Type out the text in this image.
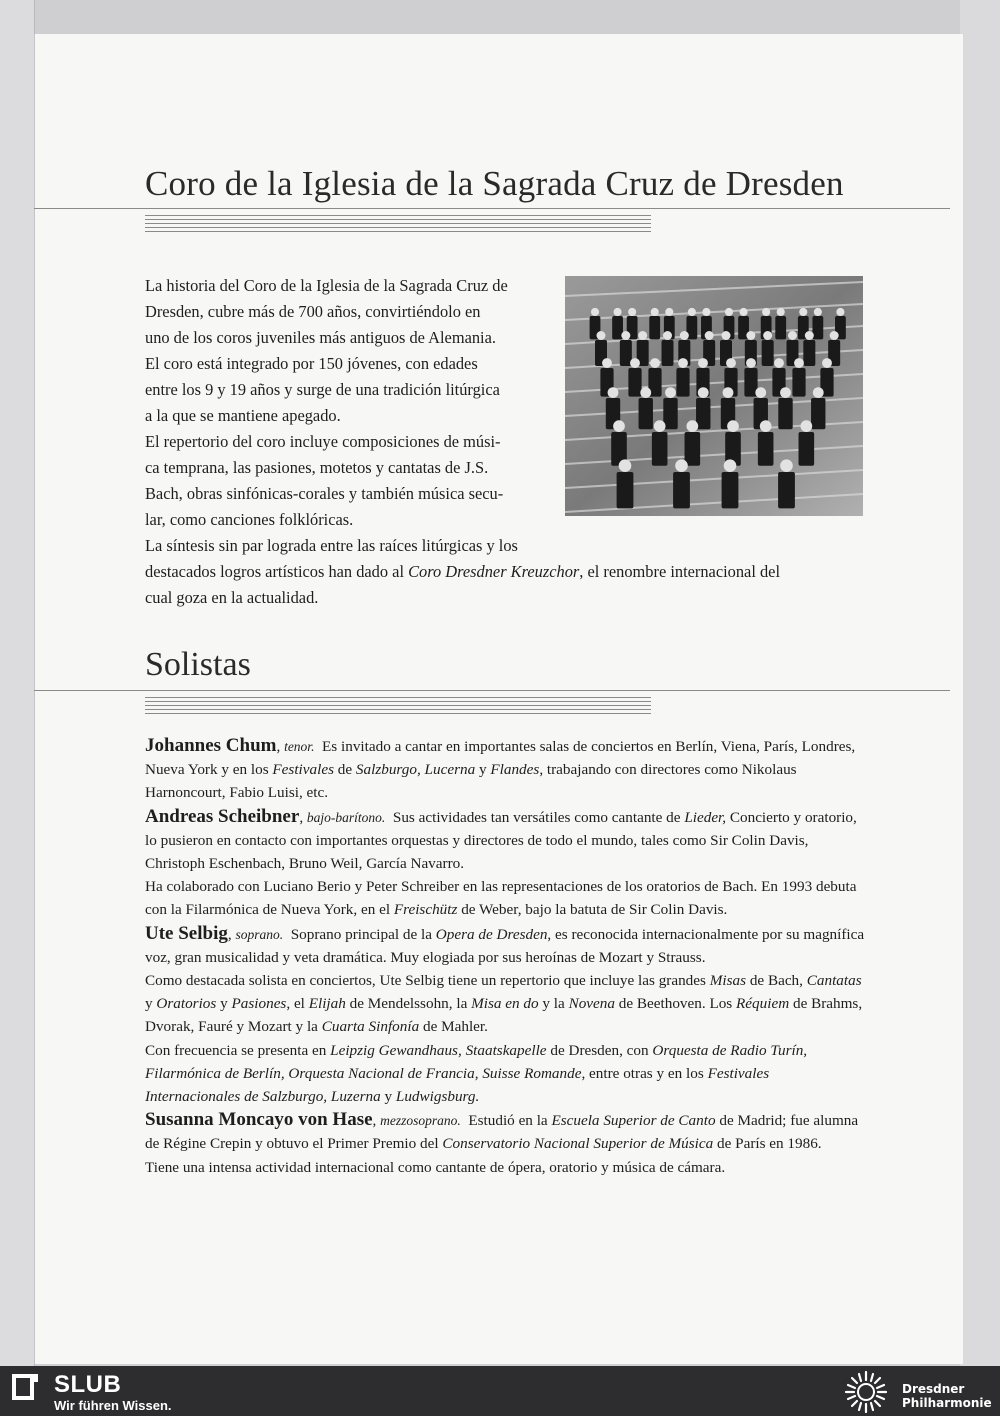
Coro de la Iglesia de la Sagrada Cruz de Dresden
La historia del Coro de la Iglesia de la Sagrada Cruz de
Dresden, cubre más de 700 años, convirtiéndolo en
uno de los coros juveniles más antiguos de Alemania.
El coro está integrado por 150 jóvenes, con edades
entre los 9 y 19 años y surge de una tradición litúrgica
a la que se mantiene apegado.
El repertorio del coro incluye composiciones de músi-
ca temprana, las pasiones, motetos y cantatas de J.S.
Bach, obras sinfónicas-corales y también música secu-
lar, como canciones folklóricas.
La síntesis sin par lograda entre las raíces litúrgicas y los
destacados logros artísticos han dado al Coro Dresdner Kreuzchor, el renombre internacional del
cual goza en la actualidad.
Solistas

Johannes Chum, tenor. Es invitado a cantar en importantes salas de conciertos en Berlín, Viena, París, Londres, Nueva York y en los Festivales de Salzburgo, Lucerna y Flandes, trabajando con directores como Nikolaus Harnoncourt, Fabio Luisi, etc.

Andreas Scheibner, bajo-barítono. Sus actividades tan versátiles como cantante de Lieder, Concierto y oratorio, lo pusieron en contacto con importantes orquestas y directores de todo el mundo, tales como Sir Colin Davis, Christoph Eschenbach, Bruno Weil, García Navarro.

Ha colaborado con Luciano Berio y Peter Schreiber en las representaciones de los oratorios de Bach. En 1993 debuta con la Filarmónica de Nueva York, en el Freischütz de Weber, bajo la batuta de Sir Colin Davis.

Ute Selbig, soprano. Soprano principal de la Opera de Dresden, es reconocida internacionalmente por su magnífica voz, gran musicalidad y veta dramática. Muy elogiada por sus heroínas de Mozart y Strauss.

Como destacada solista en conciertos, Ute Selbig tiene un repertorio que incluye las grandes Misas de Bach, Cantatas y Oratorios y Pasiones, el Elijah de Mendelssohn, la Misa en do y la Novena de Beethoven. Los Réquiem de Brahms, Dvorak, Fauré y Mozart y la Cuarta Sinfonía de Mahler.

Con frecuencia se presenta en Leipzig Gewandhaus, Staatskapelle de Dresden, con Orquesta de Radio Turín, Filarmónica de Berlín, Orquesta Nacional de Francia, Suisse Romande, entre otras y en los Festivales Internacionales de Salzburgo, Luzerna y Ludwigsburg.

Susanna Moncayo von Hase, mezzosoprano. Estudió en la Escuela Superior de Canto de Madrid; fue alumna de Régine Crepin y obtuvo el Primer Premio del Conservatorio Nacional Superior de Música de París en 1986.

Tiene una intensa actividad internacional como cantante de ópera, oratorio y música de cámara.

SLUB
Wir führen Wissen.
Dresdner
Philharmonie
